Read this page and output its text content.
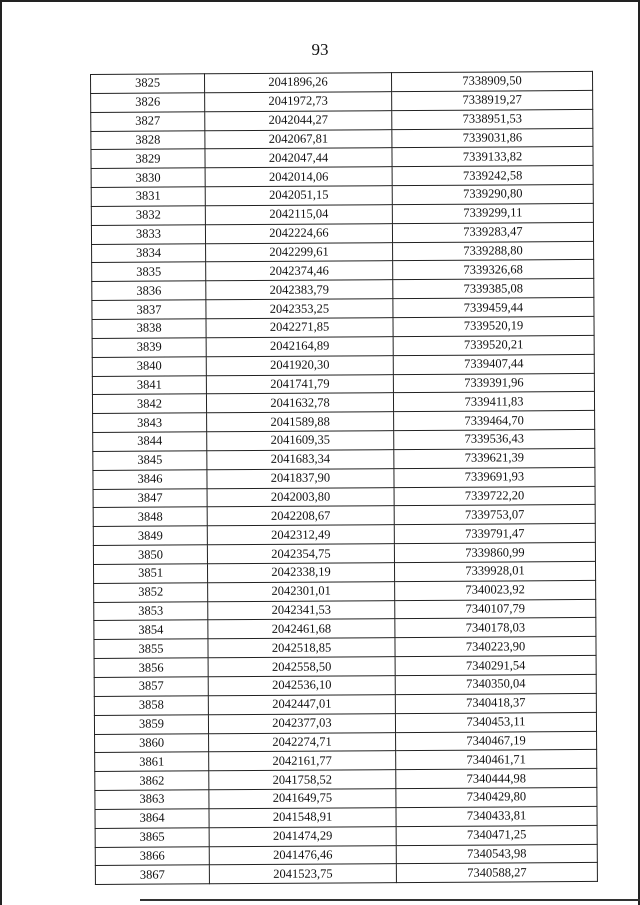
93
3825	2041896,26	7338909,50
3826	2041972,73	7338919,27
3827	2042044,27	7338951,53
3828	2042067,81	7339031,86
3829	2042047,44	7339133,82
3830	2042014,06	7339242,58
3831	2042051,15	7339290,80
3832	2042115,04	7339299,11
3833	2042224,66	7339283,47
3834	2042299,61	7339288,80
3835	2042374,46	7339326,68
3836	2042383,79	7339385,08
3837	2042353,25	7339459,44
3838	2042271,85	7339520,19
3839	2042164,89	7339520,21
3840	2041920,30	7339407,44
3841	2041741,79	7339391,96
3842	2041632,78	7339411,83
3843	2041589,88	7339464,70
3844	2041609,35	7339536,43
3845	2041683,34	7339621,39
3846	2041837,90	7339691,93
3847	2042003,80	7339722,20
3848	2042208,67	7339753,07
3849	2042312,49	7339791,47
3850	2042354,75	7339860,99
3851	2042338,19	7339928,01
3852	2042301,01	7340023,92
3853	2042341,53	7340107,79
3854	2042461,68	7340178,03
3855	2042518,85	7340223,90
3856	2042558,50	7340291,54
3857	2042536,10	7340350,04
3858	2042447,01	7340418,37
3859	2042377,03	7340453,11
3860	2042274,71	7340467,19
3861	2042161,77	7340461,71
3862	2041758,52	7340444,98
3863	2041649,75	7340429,80
3864	2041548,91	7340433,81
3865	2041474,29	7340471,25
3866	2041476,46	7340543,98
3867	2041523,75	7340588,27
